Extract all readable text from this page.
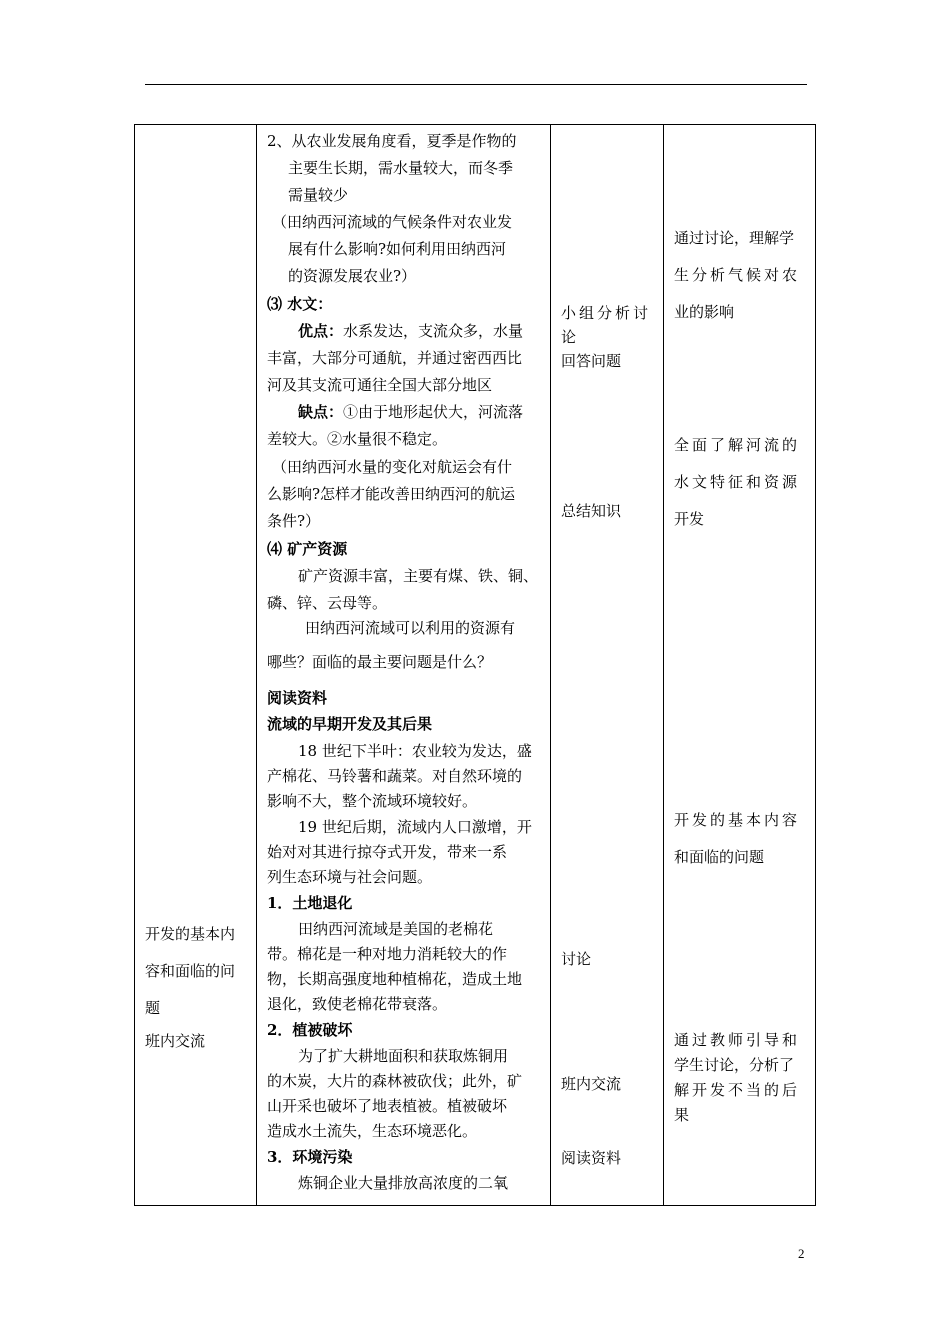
开发的基本内
容和面临的问
题
班内交流
2、从农业发展角度看，夏季是作物的
主要生长期，需水量较大，而冬季
需量较少
（田纳西河流域的气候条件对农业发
展有什么影响?如何利用田纳西河
的资源发展农业?）
⑶ 水文：
优点：水系发达，支流众多，水量
丰富，大部分可通航，并通过密西西比
河及其支流可通往全国大部分地区
缺点：①由于地形起伏大，河流落
差较大。②水量很不稳定。
（田纳西河水量的变化对航运会有什
么影响?怎样才能改善田纳西河的航运
条件?）
⑷ 矿产资源
矿产资源丰富，主要有煤、铁、铜、
磷、锌、云母等。
田纳西河流域可以利用的资源有
哪些？面临的最主要问题是什么？
阅读资料
流域的早期开发及其后果
18 世纪下半叶：农业较为发达，盛
产棉花、马铃薯和蔬菜。对自然环境的
影响不大，整个流域环境较好。
19 世纪后期，流域内人口激增，开
始对对其进行掠夺式开发，带来一系
列生态环境与社会问题。
1．土地退化
田纳西河流域是美国的老棉花
带。棉花是一种对地力消耗较大的作
物，长期高强度地种植棉花，造成土地
退化，致使老棉花带衰落。
2．植被破坏
为了扩大耕地面积和获取炼铜用
的木炭，大片的森林被砍伐；此外，矿
山开采也破坏了地表植被。植被破坏
造成水土流失，生态环境恶化。
3．环境污染
炼铜企业大量排放高浓度的二氧
小组分析讨
论
回答问题
总结知识
讨论
班内交流
阅读资料
通过讨论，理解学
生分析气候对农
业的影响
全面了解河流的
水文特征和资源
开发
开发的基本内容
和面临的问题
通过教师引导和
学生讨论，分析了
解开发不当的后
果
2
